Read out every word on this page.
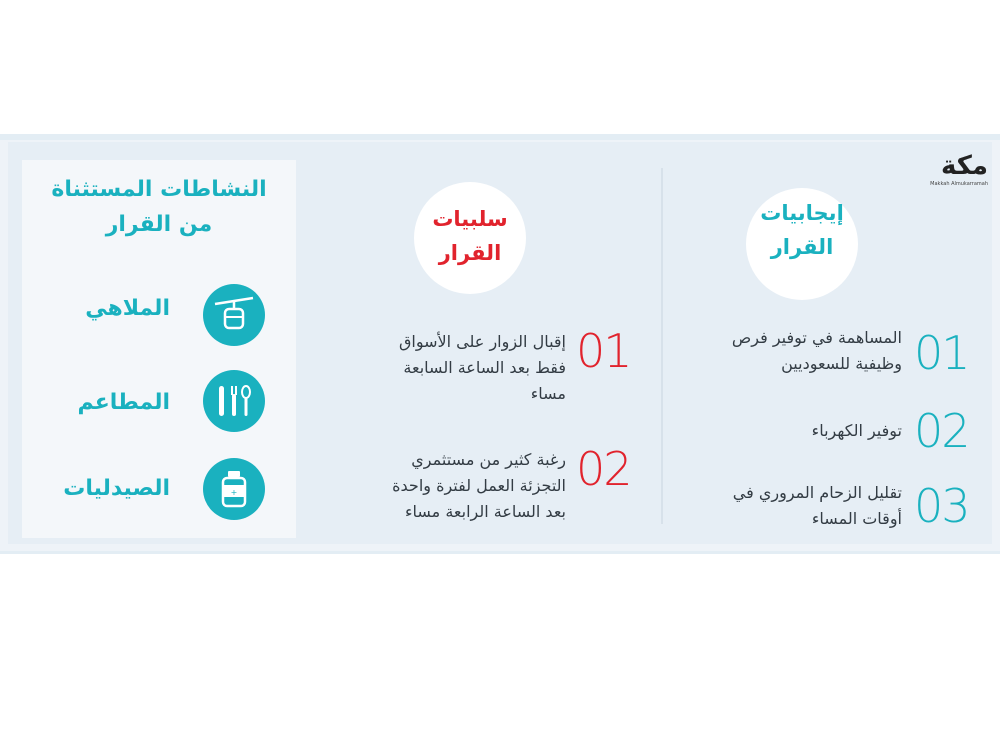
مكة
Makkah Almukarramah
النشاطات المستثناة
من القرار
الملاهي
المطاعم
+
الصيدليات
سلبيات
القرار
01
إقبال الزوار على الأسواق
فقط بعد الساعة السابعة
مساء
02
رغبة كثير من مستثمري
التجزئة العمل لفترة واحدة
بعد الساعة الرابعة مساء
إيجابيات
القرار
01
المساهمة في توفير فرص
وظيفية للسعوديين
02
توفير الكهرباء
03
تقليل الزحام المروري في
أوقات المساء
